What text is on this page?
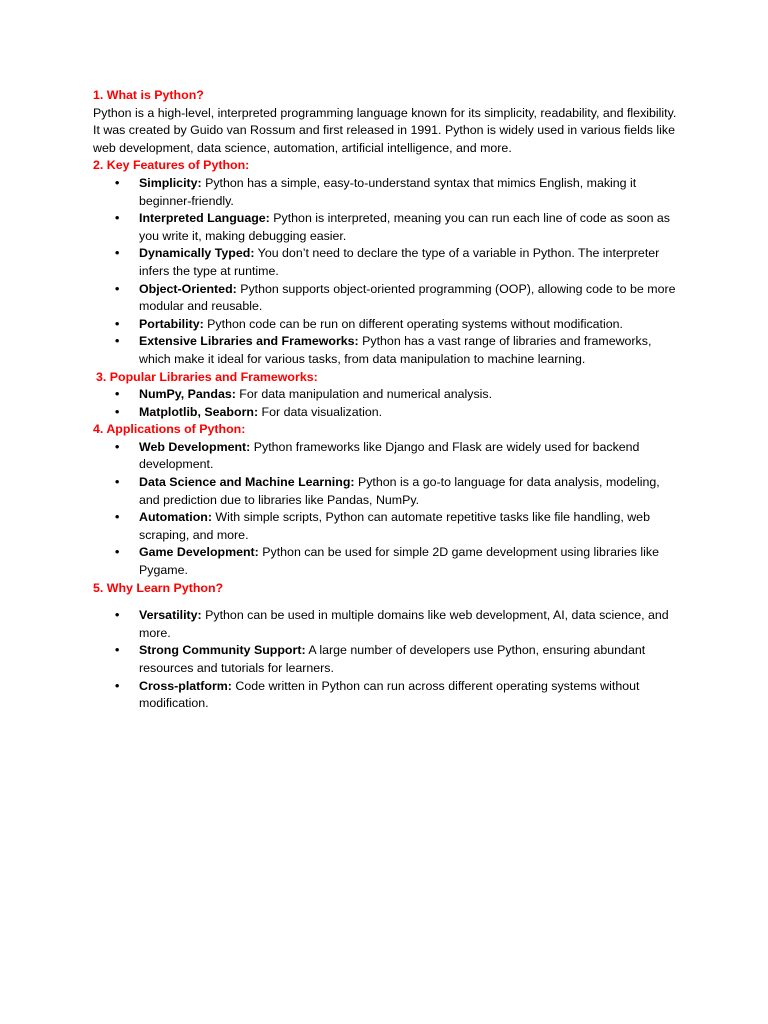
1. What is Python?

Python is a high-level, interpreted programming language known for its simplicity, readability, and flexibility. It was created by Guido van Rossum and first released in 1991. Python is widely used in various fields like web development, data science, automation, artificial intelligence, and more.

2. Key Features of Python:

• Simplicity: Python has a simple, easy-to-understand syntax that mimics English, making it beginner-friendly.
• Interpreted Language: Python is interpreted, meaning you can run each line of code as soon as you write it, making debugging easier.
• Dynamically Typed: You don’t need to declare the type of a variable in Python. The interpreter infers the type at runtime.
• Object-Oriented: Python supports object-oriented programming (OOP), allowing code to be more modular and reusable.
• Portability: Python code can be run on different operating systems without modification.
• Extensive Libraries and Frameworks: Python has a vast range of libraries and frameworks, which make it ideal for various tasks, from data manipulation to machine learning.

3. Popular Libraries and Frameworks:

• NumPy, Pandas: For data manipulation and numerical analysis.
• Matplotlib, Seaborn: For data visualization.

4. Applications of Python:

• Web Development: Python frameworks like Django and Flask are widely used for backend development.
• Data Science and Machine Learning: Python is a go-to language for data analysis, modeling, and prediction due to libraries like Pandas, NumPy.
• Automation: With simple scripts, Python can automate repetitive tasks like file handling, web scraping, and more.
• Game Development: Python can be used for simple 2D game development using libraries like Pygame.

5. Why Learn Python?

• Versatility: Python can be used in multiple domains like web development, AI, data science, and more.
• Strong Community Support: A large number of developers use Python, ensuring abundant resources and tutorials for learners.
• Cross-platform: Code written in Python can run across different operating systems without modification.
